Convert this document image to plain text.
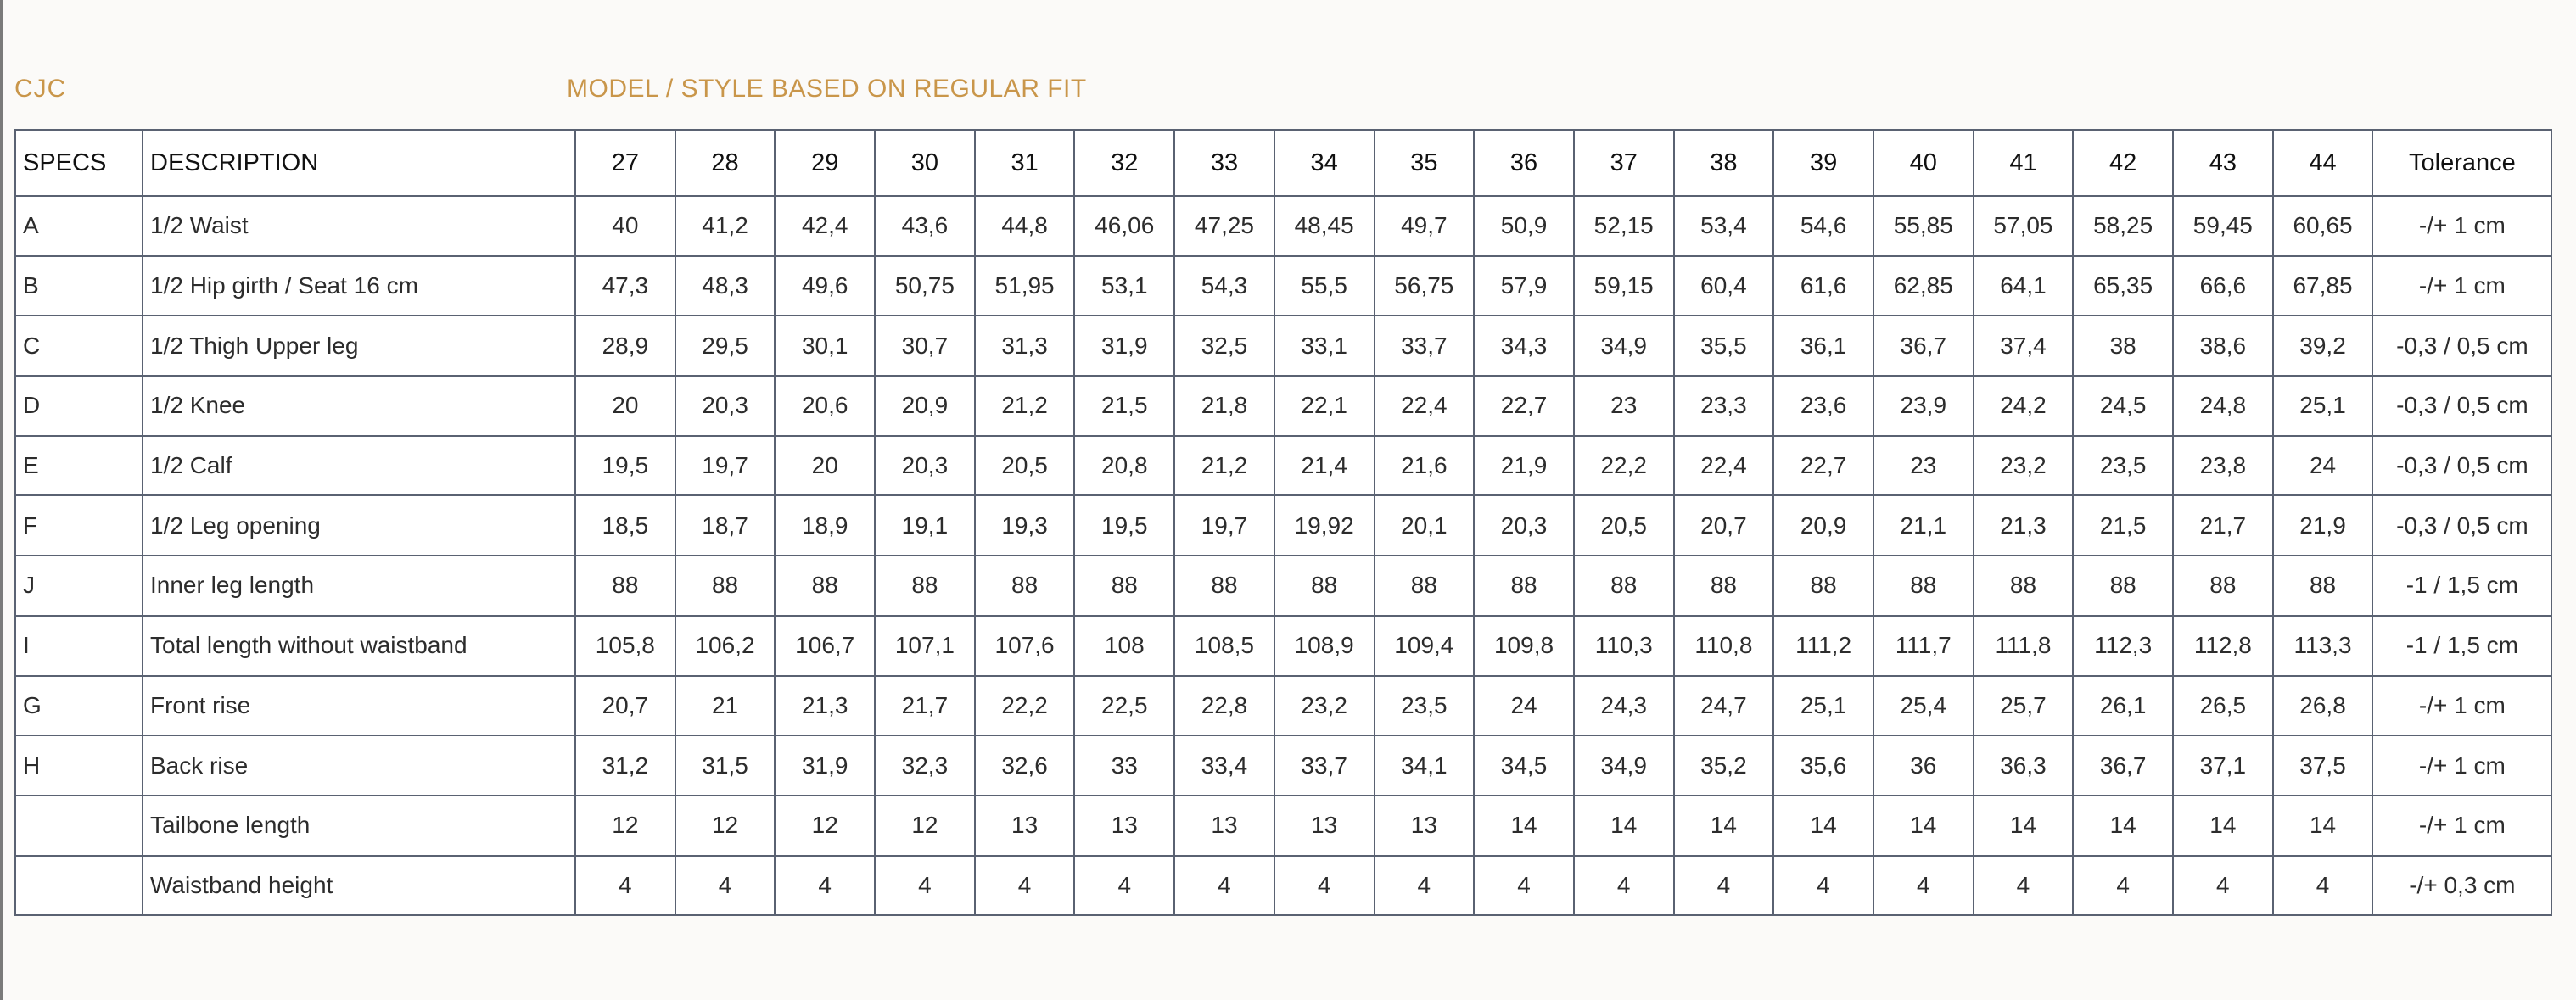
CJC	MODEL / STYLE BASED ON REGULAR FIT
SPECS	DESCRIPTION	27	28	29	30	31	32	33	34	35	36	37	38	39	40	41	42	43	44	Tolerance
A	1/2 Waist	40	41,2	42,4	43,6	44,8	46,06	47,25	48,45	49,7	50,9	52,15	53,4	54,6	55,85	57,05	58,25	59,45	60,65	-/+ 1 cm
B	1/2 Hip girth / Seat 16 cm	47,3	48,3	49,6	50,75	51,95	53,1	54,3	55,5	56,75	57,9	59,15	60,4	61,6	62,85	64,1	65,35	66,6	67,85	-/+ 1 cm
C	1/2 Thigh Upper leg	28,9	29,5	30,1	30,7	31,3	31,9	32,5	33,1	33,7	34,3	34,9	35,5	36,1	36,7	37,4	38	38,6	39,2	-0,3 / 0,5 cm
D	1/2 Knee	20	20,3	20,6	20,9	21,2	21,5	21,8	22,1	22,4	22,7	23	23,3	23,6	23,9	24,2	24,5	24,8	25,1	-0,3 / 0,5 cm
E	1/2 Calf	19,5	19,7	20	20,3	20,5	20,8	21,2	21,4	21,6	21,9	22,2	22,4	22,7	23	23,2	23,5	23,8	24	-0,3 / 0,5 cm
F	1/2 Leg opening	18,5	18,7	18,9	19,1	19,3	19,5	19,7	19,92	20,1	20,3	20,5	20,7	20,9	21,1	21,3	21,5	21,7	21,9	-0,3 / 0,5 cm
J	Inner leg length	88	88	88	88	88	88	88	88	88	88	88	88	88	88	88	88	88	88	-1 / 1,5 cm
I	Total length without waistband	105,8	106,2	106,7	107,1	107,6	108	108,5	108,9	109,4	109,8	110,3	110,8	111,2	111,7	111,8	112,3	112,8	113,3	-1 / 1,5 cm
G	Front rise	20,7	21	21,3	21,7	22,2	22,5	22,8	23,2	23,5	24	24,3	24,7	25,1	25,4	25,7	26,1	26,5	26,8	-/+ 1 cm
H	Back rise	31,2	31,5	31,9	32,3	32,6	33	33,4	33,7	34,1	34,5	34,9	35,2	35,6	36	36,3	36,7	37,1	37,5	-/+ 1 cm
	Tailbone length	12	12	12	12	13	13	13	13	13	14	14	14	14	14	14	14	14	14	-/+ 1 cm
	Waistband height	4	4	4	4	4	4	4	4	4	4	4	4	4	4	4	4	4	4	-/+ 0,3 cm
